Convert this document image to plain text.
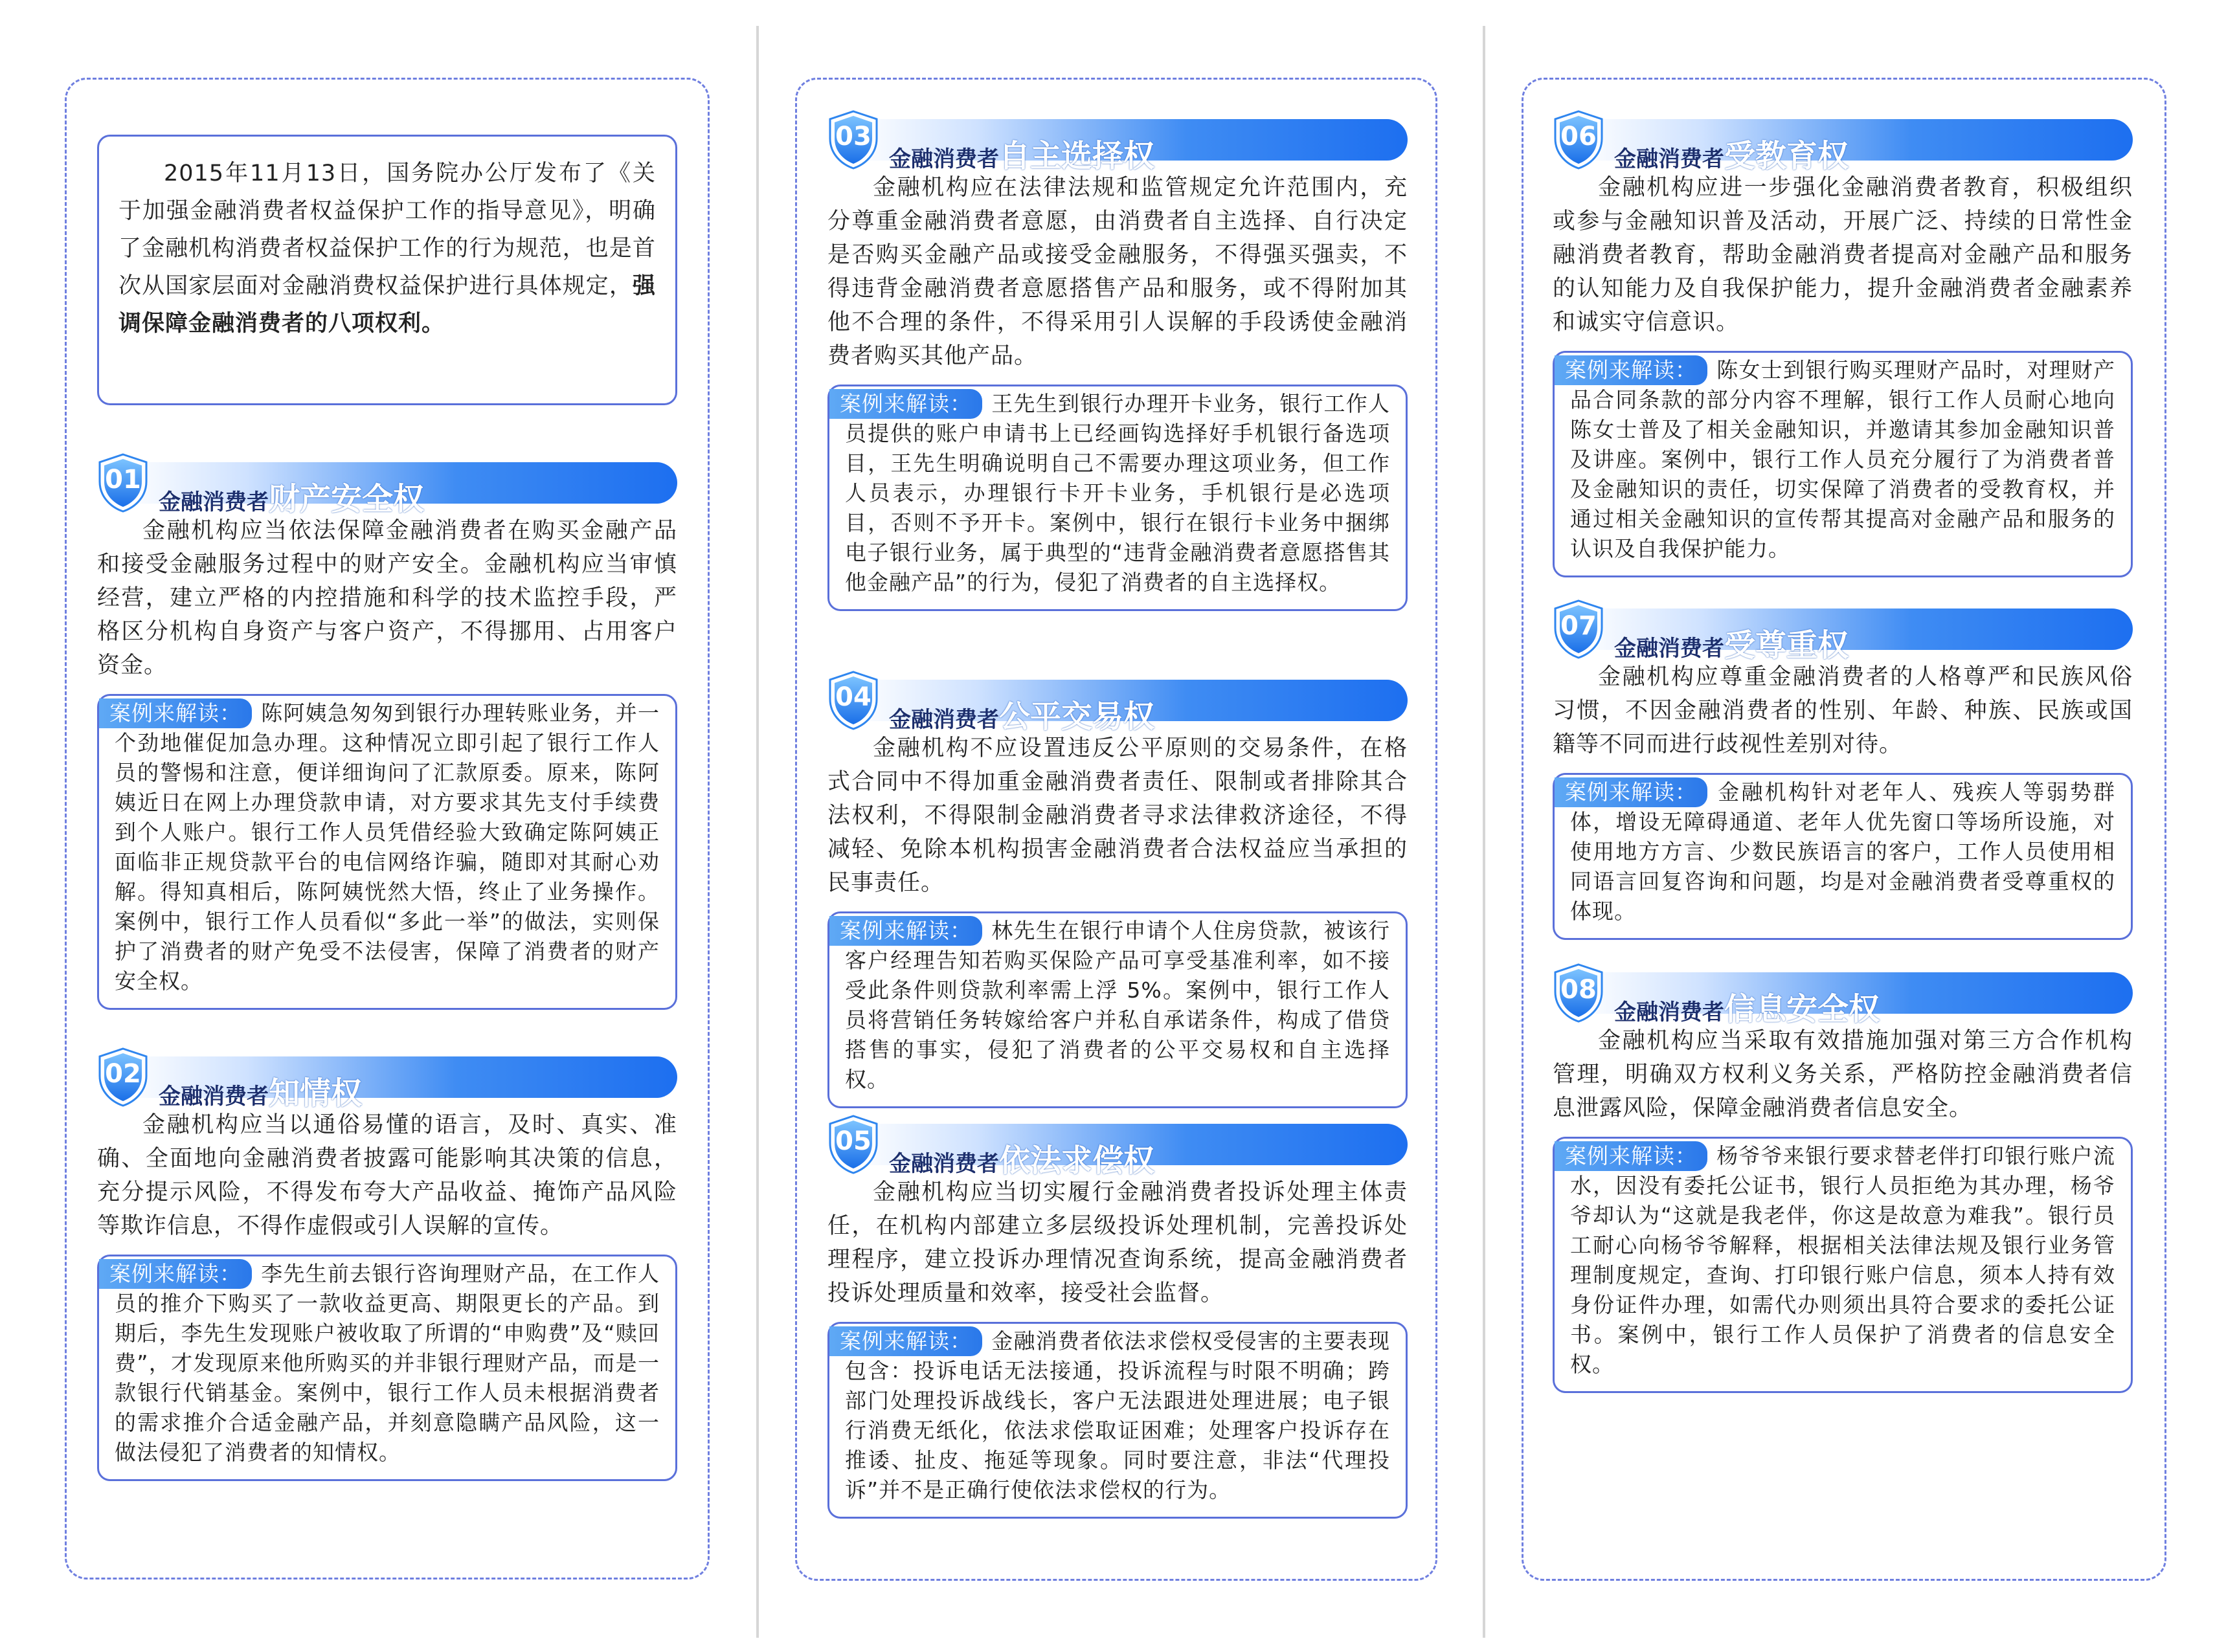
2015年11月13日，国务院办公厅发布了《关于加强金融消费者权益保护工作的指导意见》，明确了金融机构消费者权益保护工作的行为规范，也是首次从国家层面对金融消费权益保护进行具体规定，强调保障金融消费者的八项权利。
01
金融消费者财产安全权

金融机构应当依法保障金融消费者在购买金融产品和接受金融服务过程中的财产安全。金融机构应当审慎经营，建立严格的内控措施和科学的技术监控手段，严格区分机构自身资产与客户资产，不得挪用、占用客户资金。

案例来解读： 陈阿姨急匆匆到银行办理转账业务，并一个劲地催促加急办理。这种情况立即引起了银行工作人员的警惕和注意，便详细询问了汇款原委。原来，陈阿姨近日在网上办理贷款申请，对方要求其先支付手续费到个人账户。银行工作人员凭借经验大致确定陈阿姨正面临非正规贷款平台的电信网络诈骗，随即对其耐心劝解。得知真相后，陈阿姨恍然大悟，终止了业务操作。案例中，银行工作人员看似“多此一举”的做法，实则保护了消费者的财产免受不法侵害，保障了消费者的财产安全权。
02
金融消费者知情权

金融机构应当以通俗易懂的语言，及时、真实、准确、全面地向金融消费者披露可能影响其决策的信息，充分提示风险，不得发布夸大产品收益、掩饰产品风险等欺诈信息，不得作虚假或引人误解的宣传。

案例来解读： 李先生前去银行咨询理财产品，在工作人员的推介下购买了一款收益更高、期限更长的产品。到期后，李先生发现账户被收取了所谓的“申购费”及“赎回费”，才发现原来他所购买的并非银行理财产品，而是一款银行代销基金。案例中，银行工作人员未根据消费者的需求推介合适金融产品，并刻意隐瞒产品风险，这一做法侵犯了消费者的知情权。
03
金融消费者自主选择权

金融机构应在法律法规和监管规定允许范围内，充分尊重金融消费者意愿，由消费者自主选择、自行决定是否购买金融产品或接受金融服务，不得强买强卖，不得违背金融消费者意愿搭售产品和服务，或不得附加其他不合理的条件，不得采用引人误解的手段诱使金融消费者购买其他产品。

案例来解读： 王先生到银行办理开卡业务，银行工作人员提供的账户申请书上已经画钩选择好手机银行备选项目，王先生明确说明自己不需要办理这项业务，但工作人员表示，办理银行卡开卡业务，手机银行是必选项目，否则不予开卡。案例中，银行在银行卡业务中捆绑电子银行业务，属于典型的“违背金融消费者意愿搭售其他金融产品”的行为，侵犯了消费者的自主选择权。
04
金融消费者公平交易权

金融机构不应设置违反公平原则的交易条件，在格式合同中不得加重金融消费者责任、限制或者排除其合法权利，不得限制金融消费者寻求法律救济途径，不得减轻、免除本机构损害金融消费者合法权益应当承担的民事责任。

案例来解读： 林先生在银行申请个人住房贷款，被该行客户经理告知若购买保险产品可享受基准利率，如不接受此条件则贷款利率需上浮 5%。案例中，银行工作人员将营销任务转嫁给客户并私自承诺条件，构成了借贷搭售的事实，侵犯了消费者的公平交易权和自主选择权。
05
金融消费者依法求偿权

金融机构应当切实履行金融消费者投诉处理主体责任，在机构内部建立多层级投诉处理机制，完善投诉处理程序，建立投诉办理情况查询系统，提高金融消费者投诉处理质量和效率，接受社会监督。

案例来解读： 金融消费者依法求偿权受侵害的主要表现包含：投诉电话无法接通，投诉流程与时限不明确；跨部门处理投诉战线长，客户无法跟进处理进展；电子银行消费无纸化，依法求偿取证困难；处理客户投诉存在推诿、扯皮、拖延等现象。同时要注意，非法“代理投诉”并不是正确行使依法求偿权的行为。
06
金融消费者受教育权

金融机构应进一步强化金融消费者教育，积极组织或参与金融知识普及活动，开展广泛、持续的日常性金融消费者教育，帮助金融消费者提高对金融产品和服务的认知能力及自我保护能力，提升金融消费者金融素养和诚实守信意识。

案例来解读： 陈女士到银行购买理财产品时，对理财产品合同条款的部分内容不理解，银行工作人员耐心地向陈女士普及了相关金融知识，并邀请其参加金融知识普及讲座。案例中，银行工作人员充分履行了为消费者普及金融知识的责任，切实保障了消费者的受教育权，并通过相关金融知识的宣传帮其提高对金融产品和服务的认识及自我保护能力。
07
金融消费者受尊重权

金融机构应尊重金融消费者的人格尊严和民族风俗习惯，不因金融消费者的性别、年龄、种族、民族或国籍等不同而进行歧视性差别对待。

案例来解读： 金融机构针对老年人、残疾人等弱势群体，增设无障碍通道、老年人优先窗口等场所设施，对使用地方方言、少数民族语言的客户，工作人员使用相同语言回复咨询和问题，均是对金融消费者受尊重权的体现。
08
金融消费者信息安全权

金融机构应当采取有效措施加强对第三方合作机构管理，明确双方权利义务关系，严格防控金融消费者信息泄露风险，保障金融消费者信息安全。

案例来解读： 杨爷爷来银行要求替老伴打印银行账户流水，因没有委托公证书，银行人员拒绝为其办理，杨爷爷却认为“这就是我老伴，你这是故意为难我”。银行员工耐心向杨爷爷解释，根据相关法律法规及银行业务管理制度规定，查询、打印银行账户信息，须本人持有效身份证件办理，如需代办则须出具符合要求的委托公证书。案例中，银行工作人员保护了消费者的信息安全权。
